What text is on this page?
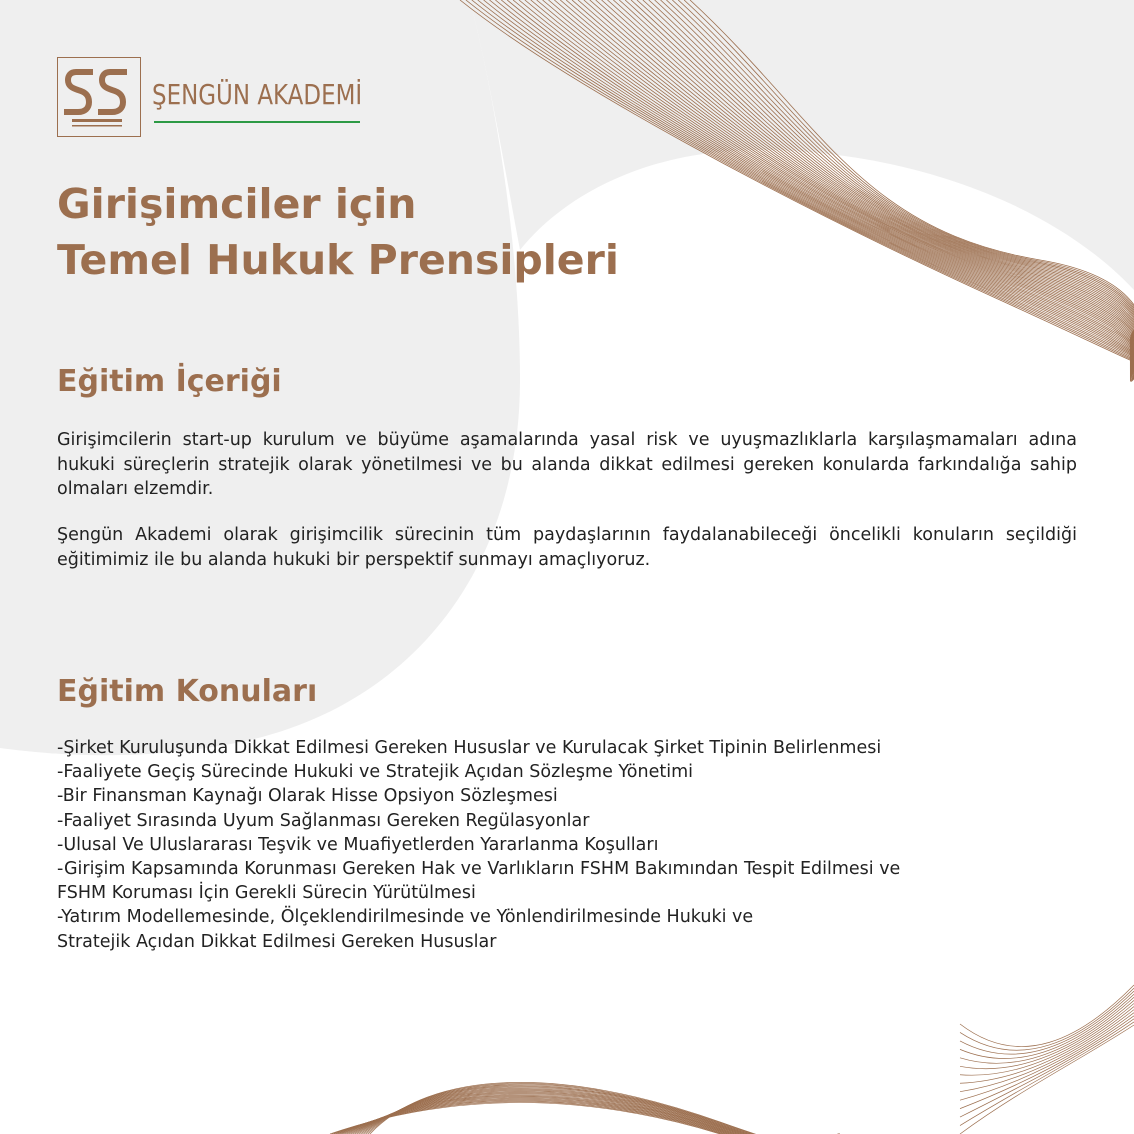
ŞENGÜN AKADEMİ
Girişimciler için
Temel Hukuk Prensipleri
Eğitim İçeriği

Girişimcilerin start-up kurulum ve büyüme aşamalarında yasal risk ve uyuşmazlıklarla karşılaşmamaları adına hukuki süreçlerin stratejik olarak yönetilmesi ve bu alanda dikkat edilmesi gereken konularda farkındalığa sahip olmaları elzemdir.

Şengün Akademi olarak girişimcilik sürecinin tüm paydaşlarının faydalanabileceği öncelikli konuların seçildiği eğitimimiz ile bu alanda hukuki bir perspektif sunmayı amaçlıyoruz.

Eğitim Konuları
-Şirket Kuruluşunda Dikkat Edilmesi Gereken Hususlar ve Kurulacak Şirket Tipinin Belirlenmesi
-Faaliyete Geçiş Sürecinde Hukuki ve Stratejik Açıdan Sözleşme Yönetimi
-Bir Finansman Kaynağı Olarak Hisse Opsiyon Sözleşmesi
-Faaliyet Sırasında Uyum Sağlanması Gereken Regülasyonlar
-Ulusal Ve Uluslararası Teşvik ve Muafiyetlerden Yararlanma Koşulları
-Girişim Kapsamında Korunması Gereken Hak ve Varlıkların FSHM Bakımından Tespit Edilmesi ve
FSHM Koruması İçin Gerekli Sürecin Yürütülmesi
-Yatırım Modellemesinde, Ölçeklendirilmesinde ve Yönlendirilmesinde Hukuki ve
Stratejik Açıdan Dikkat Edilmesi Gereken Hususlar
